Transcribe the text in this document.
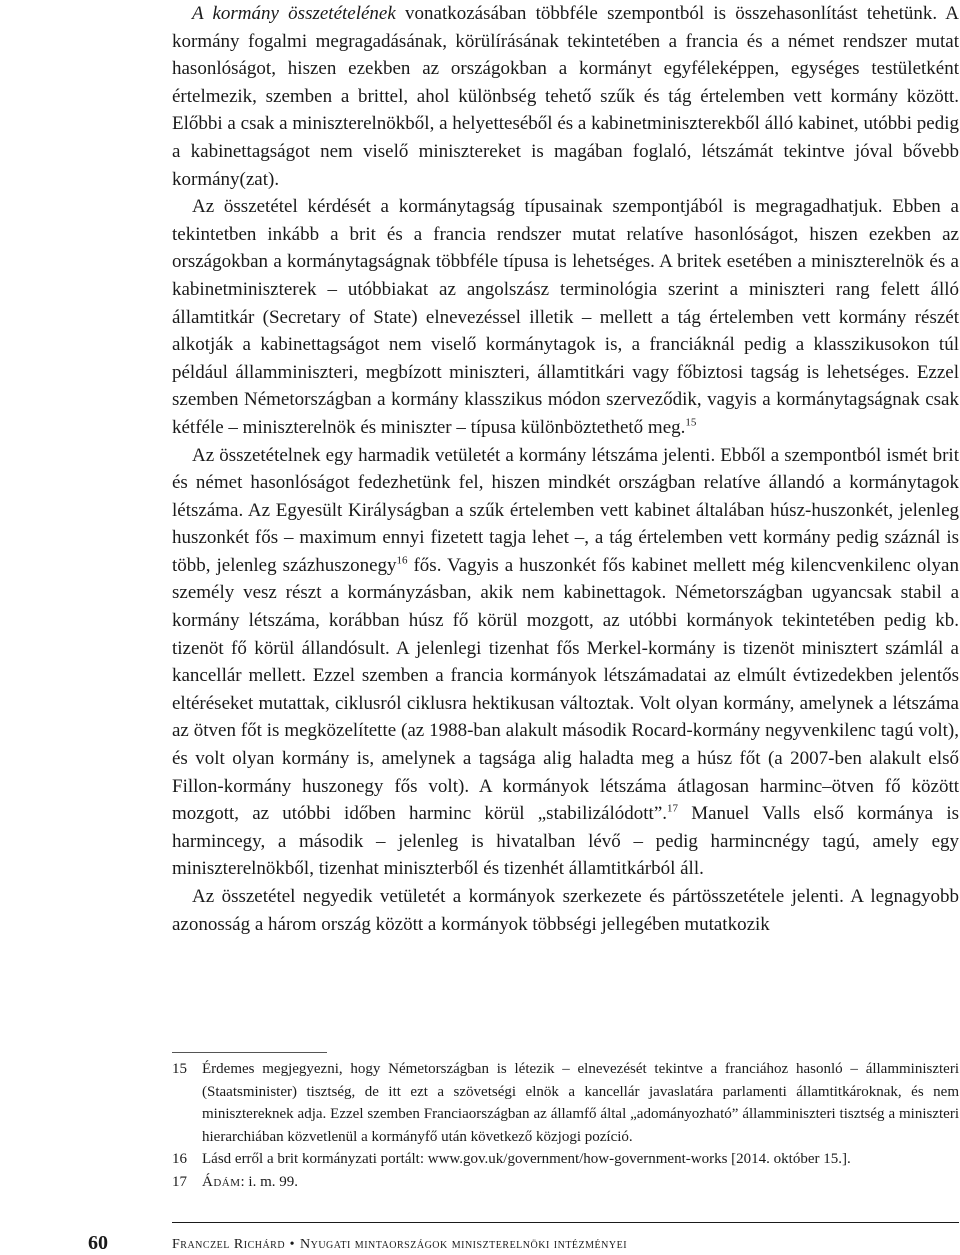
A kormány összetételének vonatkozásában többféle szempontból is összehasonlítást tehetünk. A kormány fogalmi megragadásának, körülírásának tekintetében a francia és a német rendszer mutat hasonlóságot, hiszen ezekben az országokban a kormányt egyféleképpen, egységes testületként értelmezik, szemben a brittel, ahol különbség tehető szűk és tág értelemben vett kormány között. Előbbi a csak a miniszterelnökből, a helyetteséből és a kabinetminiszterekből álló kabinet, utóbbi pedig a kabinettagságot nem viselő minisztereket is magában foglaló, létszámát tekintve jóval bővebb kormány(zat).

Az összetétel kérdését a kormánytagság típusainak szempontjából is megragadhatjuk. Ebben a tekintetben inkább a brit és a francia rendszer mutat relatíve hasonlóságot, hiszen ezekben az országokban a kormánytagságnak többféle típusa is lehetséges. A britek esetében a miniszterelnök és a kabinetminiszterek – utóbbiakat az angolszász terminológia szerint a miniszteri rang felett álló államtitkár (Secretary of State) elnevezéssel illetik – mellett a tág értelemben vett kormány részét alkotják a kabinettagságot nem viselő kormánytagok is, a franciáknál pedig a klasszikusokon túl például államminiszteri, megbízott miniszteri, államtitkári vagy főbiztosi tagság is lehetséges. Ezzel szemben Németországban a kormány klasszikus módon szerveződik, vagyis a kormánytagságnak csak kétféle – miniszterelnök és miniszter – típusa különböztethető meg.$^{15}$

Az összetételnek egy harmadik vetületét a kormány létszáma jelenti. Ebből a szempontból ismét brit és német hasonlóságot fedezhetünk fel, hiszen mindkét országban relatíve állandó a kormánytagok létszáma. Az Egyesült Királyságban a szűk értelemben vett kabinet általában húsz-huszonkét, jelenleg huszonkét fős – maximum ennyi fizetett tagja lehet –, a tág értelemben vett kormány pedig száznál is több, jelenleg százhuszonegy$^{16}$ fős. Vagyis a huszonkét fős kabinet mellett még kilencvenkilenc olyan személy vesz részt a kormányzásban, akik nem kabinettagok. Németországban ugyancsak stabil a kormány létszáma, korábban húsz fő körül mozgott, az utóbbi kormányok tekintetében pedig kb. tizenöt fő körül állandósult. A jelenlegi tizenhat fős Merkel-kormány is tizenöt minisztert számlál a kancellár mellett. Ezzel szemben a francia kormányok létszámadatai az elmúlt évtizedekben jelentős eltéréseket mutattak, ciklusról ciklusra hektikusan változtak. Volt olyan kormány, amelynek a létszáma az ötven főt is megközelítette (az 1988-ban alakult második Rocard-kormány negyvenkilenc tagú volt), és volt olyan kormány is, amelynek a tagsága alig haladta meg a húsz főt (a 2007-ben alakult első Fillon-kormány huszonegy fős volt). A kormányok létszáma átlagosan harminc–ötven fő között mozgott, az utóbbi időben harminc körül „stabilizálódott”.$^{17}$ Manuel Valls első kormánya is harmincegy, a második – jelenleg is hivatalban lévő – pedig harmincnégy tagú, amely egy miniszterelnökből, tizenhat miniszterből és tizenhét államtitkárból áll.

Az összetétel negyedik vetületét a kormányok szerkezete és pártösszetétele jelenti. A legnagyobb azonosság a három ország között a kormányok többségi jellegében mutatkozik

15	Érdemes megjegyezni, hogy Németországban is létezik – elnevezését tekintve a franciához hasonló – államminiszteri (Staatsminister) tisztség, de itt ezt a szövetségi elnök a kancellár javaslatára parlamenti államtitkároknak, és nem minisztereknek adja. Ezzel szemben Franciaországban az államfő által „adományozható” államminiszteri tisztség a miniszteri hierarchiában közvetlenül a kormányfő után következő közjogi pozíció.
16	Lásd erről a brit kormányzati portált: www.gov.uk/government/how-government-works [2014. október 15.].
17	Ádám: i. m. 99.
60	Franczel Richárd • Nyugati mintaországok miniszterelnöki intézményei
